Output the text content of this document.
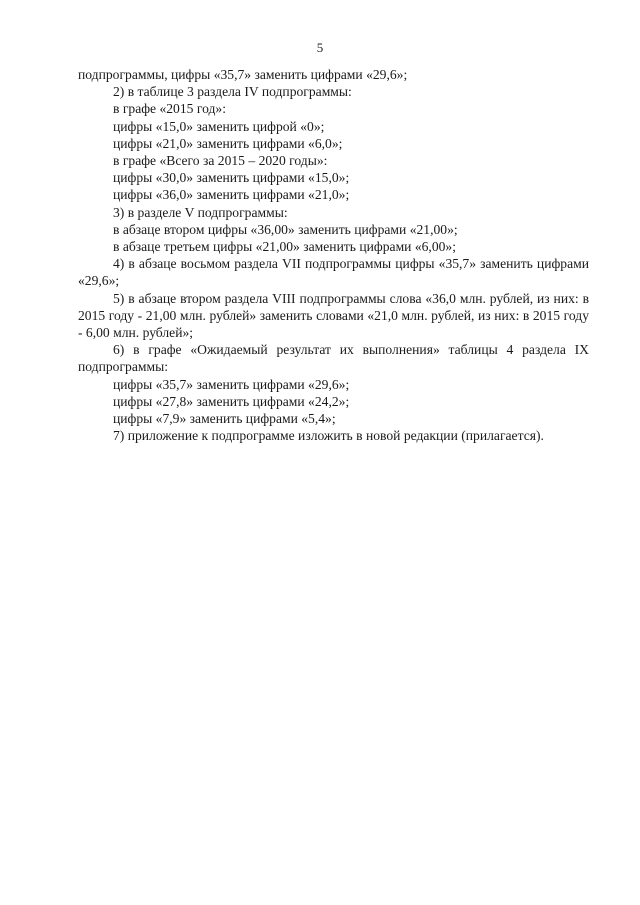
5
подпрограммы, цифры «35,7» заменить цифрами «29,6»;
2) в таблице 3 раздела IV подпрограммы:
в графе «2015 год»:
цифры «15,0» заменить цифрой «0»;
цифры «21,0» заменить цифрами «6,0»;
в графе «Всего за 2015 – 2020 годы»:
цифры «30,0» заменить цифрами «15,0»;
цифры «36,0» заменить цифрами «21,0»;
3) в разделе V подпрограммы:
в абзаце втором цифры «36,00» заменить цифрами «21,00»;
в абзаце третьем цифры «21,00» заменить цифрами «6,00»;
4) в абзаце восьмом раздела VII подпрограммы цифры «35,7» заменить цифрами «29,6»;
5) в абзаце втором раздела VIII подпрограммы слова «36,0 млн. рублей, из них: в 2015 году - 21,00 млн. рублей» заменить словами «21,0 млн. рублей, из них: в 2015 году - 6,00 млн. рублей»;
6) в графе «Ожидаемый результат их выполнения» таблицы 4 раздела IX подпрограммы:
цифры «35,7» заменить цифрами «29,6»;
цифры «27,8» заменить цифрами «24,2»;
цифры «7,9» заменить цифрами «5,4»;
7) приложение к подпрограмме изложить в новой редакции (прилагается).
